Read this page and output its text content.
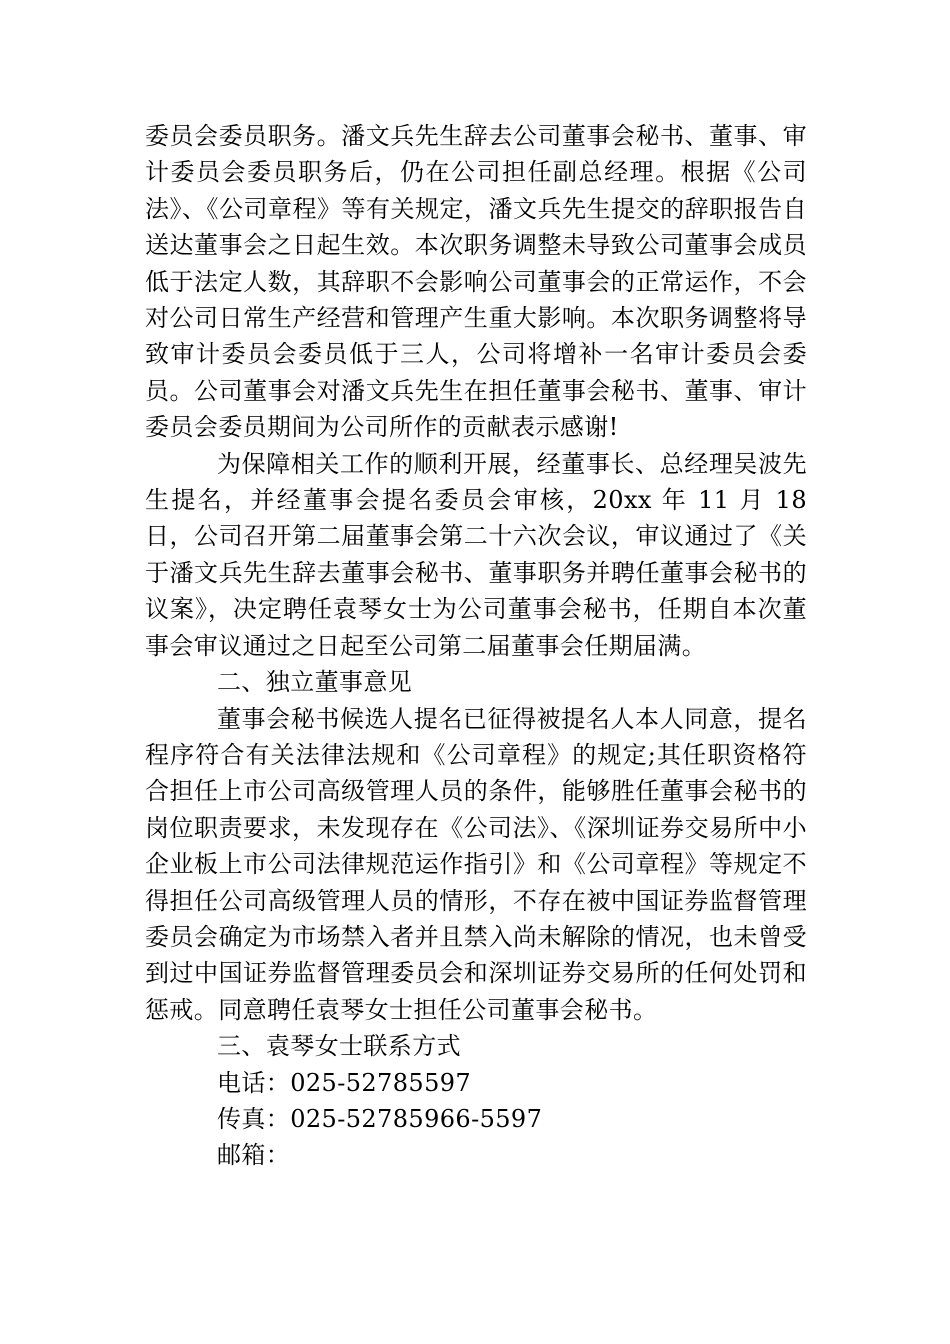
委员会委员职务。潘文兵先生辞去公司董事会秘书、董事、审计委员会委员职务后，仍在公司担任副总经理。根据《公司法》、《公司章程》等有关规定，潘文兵先生提交的辞职报告自送达董事会之日起生效。本次职务调整未导致公司董事会成员低于法定人数，其辞职不会影响公司董事会的正常运作，不会对公司日常生产经营和管理产生重大影响。本次职务调整将导致审计委员会委员低于三人，公司将增补一名审计委员会委员。公司董事会对潘文兵先生在担任董事会秘书、董事、审计委员会委员期间为公司所作的贡献表示感谢!

为保障相关工作的顺利开展，经董事长、总经理吴波先生提名，并经董事会提名委员会审核，20xx 年 11 月 18 日，公司召开第二届董事会第二十六次会议，审议通过了《关于潘文兵先生辞去董事会秘书、董事职务并聘任董事会秘书的议案》，决定聘任袁琴女士为公司董事会秘书，任期自本次董事会审议通过之日起至公司第二届董事会任期届满。

二、独立董事意见

董事会秘书候选人提名已征得被提名人本人同意，提名程序符合有关法律法规和《公司章程》的规定;其任职资格符合担任上市公司高级管理人员的条件，能够胜任董事会秘书的岗位职责要求，未发现存在《公司法》、《深圳证券交易所中小企业板上市公司法律规范运作指引》和《公司章程》等规定不得担任公司高级管理人员的情形，不存在被中国证券监督管理委员会确定为市场禁入者并且禁入尚未解除的情况，也未曾受到过中国证券监督管理委员会和深圳证券交易所的任何处罚和惩戒。同意聘任袁琴女士担任公司董事会秘书。

三、袁琴女士联系方式

电话：025-52785597
传真：025-52785966-5597
邮箱：
